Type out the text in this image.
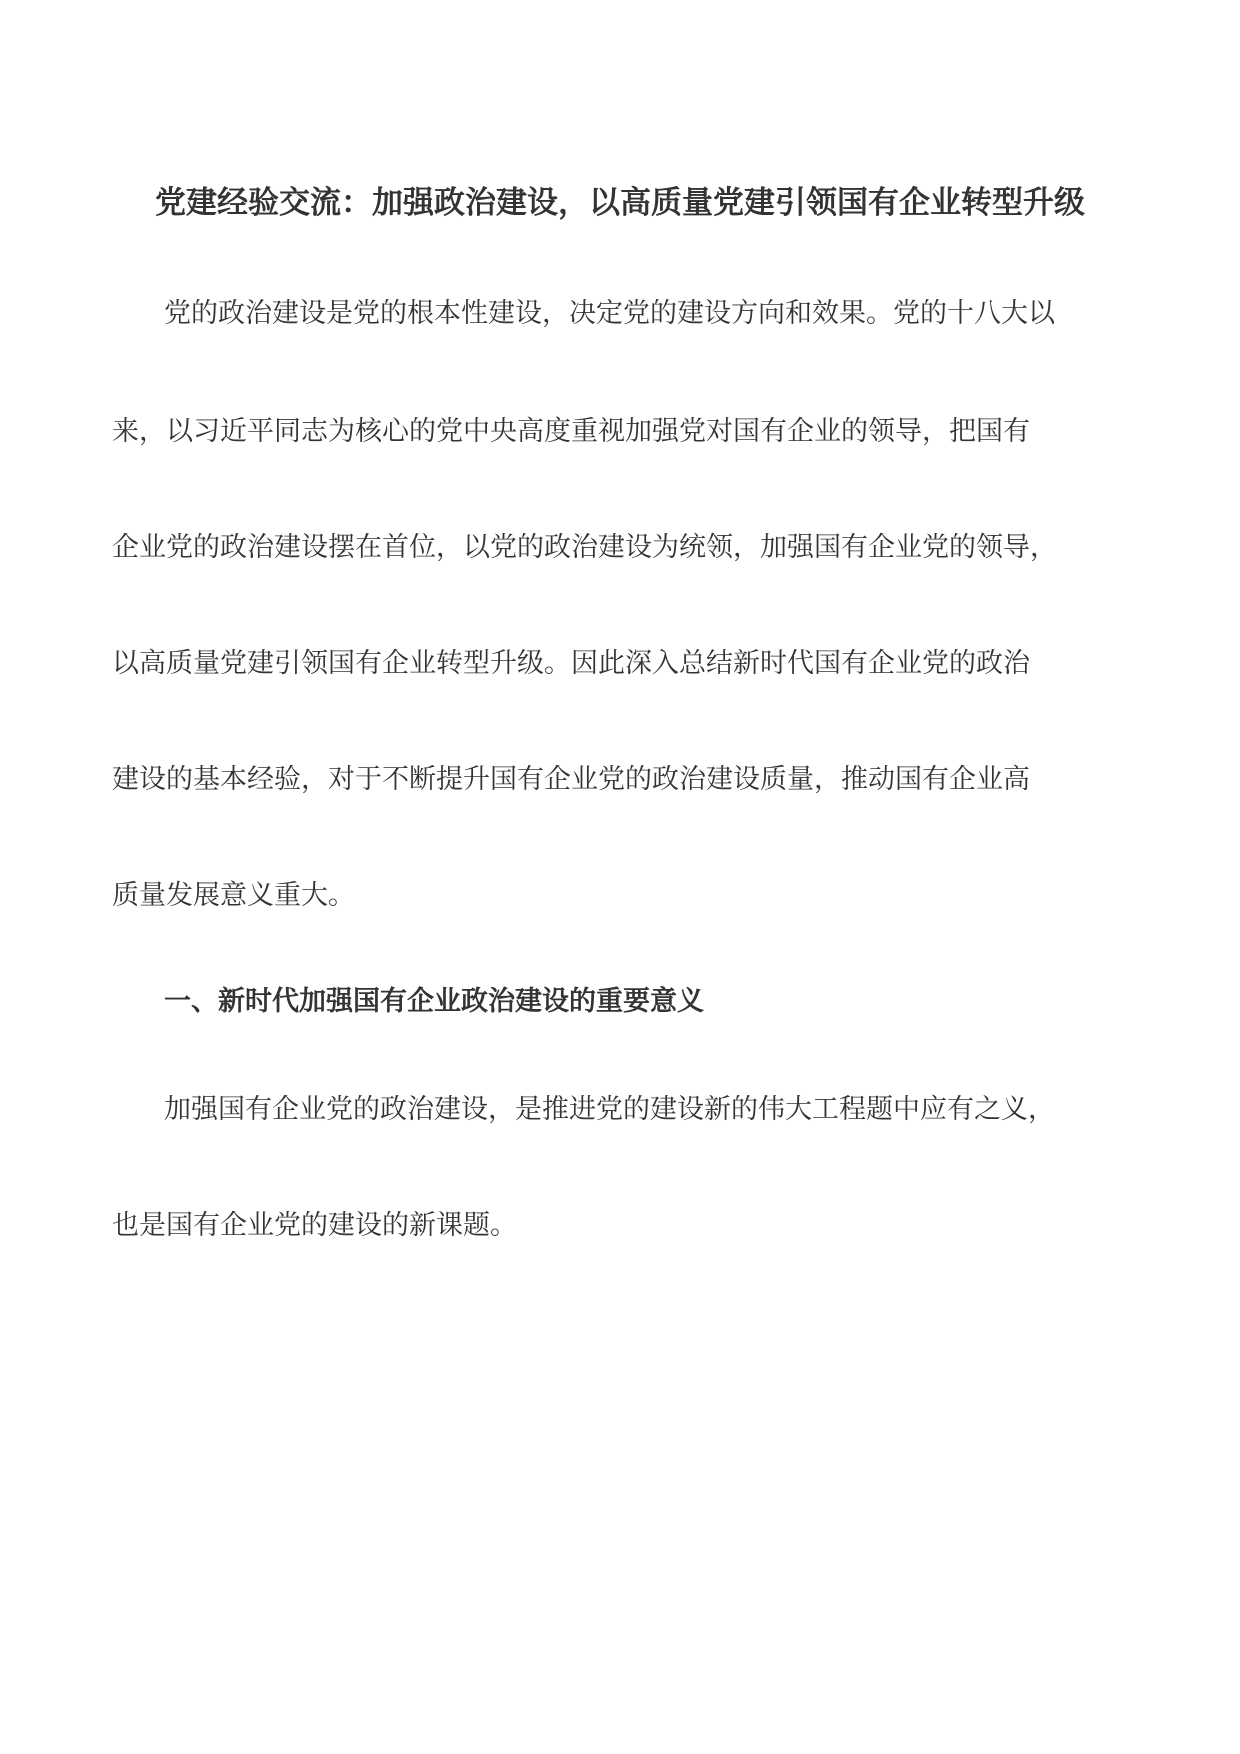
党建经验交流：加强政治建设，以高质量党建引领国有企业转型升级

党的政治建设是党的根本性建设，决定党的建设方向和效果。党的十八大以

来，以习近平同志为核心的党中央高度重视加强党对国有企业的领导，把国有

企业党的政治建设摆在首位，以党的政治建设为统领，加强国有企业党的领导，

以高质量党建引领国有企业转型升级。因此深入总结新时代国有企业党的政治

建设的基本经验，对于不断提升国有企业党的政治建设质量，推动国有企业高

质量发展意义重大。

一、新时代加强国有企业政治建设的重要意义

加强国有企业党的政治建设，是推进党的建设新的伟大工程题中应有之义，

也是国有企业党的建设的新课题。
